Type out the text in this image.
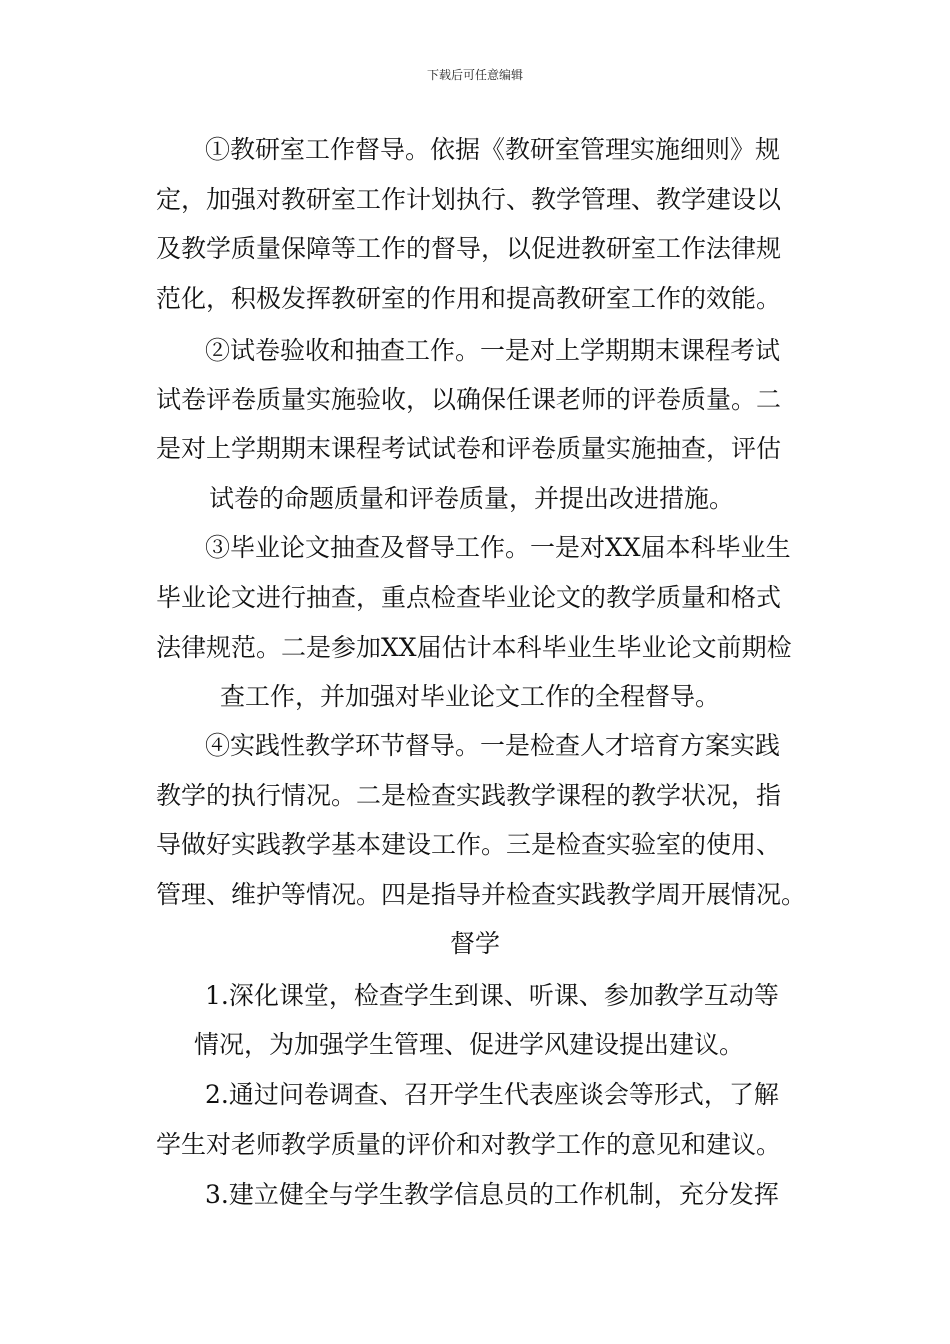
下载后可任意编辑
①教研室工作督导。依据《教研室管理实施细则》规
定，加强对教研室工作计划执行、教学管理、教学建设以
及教学质量保障等工作的督导，以促进教研室工作法律规
范化，积极发挥教研室的作用和提高教研室工作的效能。
②试卷验收和抽查工作。一是对上学期期末课程考试
试卷评卷质量实施验收，以确保任课老师的评卷质量。二
是对上学期期末课程考试试卷和评卷质量实施抽查，评估
试卷的命题质量和评卷质量，并提出改进措施。
③毕业论文抽查及督导工作。一是对XX届本科毕业生
毕业论文进行抽查，重点检查毕业论文的教学质量和格式
法律规范。二是参加XX届估计本科毕业生毕业论文前期检
查工作，并加强对毕业论文工作的全程督导。
④实践性教学环节督导。一是检查人才培育方案实践
教学的执行情况。二是检查实践教学课程的教学状况，指
导做好实践教学基本建设工作。三是检查实验室的使用、
管理、维护等情况。四是指导并检查实践教学周开展情况。
督学
1.深化课堂，检查学生到课、听课、参加教学互动等
情况，为加强学生管理、促进学风建设提出建议。
2.通过问卷调查、召开学生代表座谈会等形式，了解
学生对老师教学质量的评价和对教学工作的意见和建议。
3.建立健全与学生教学信息员的工作机制，充分发挥
